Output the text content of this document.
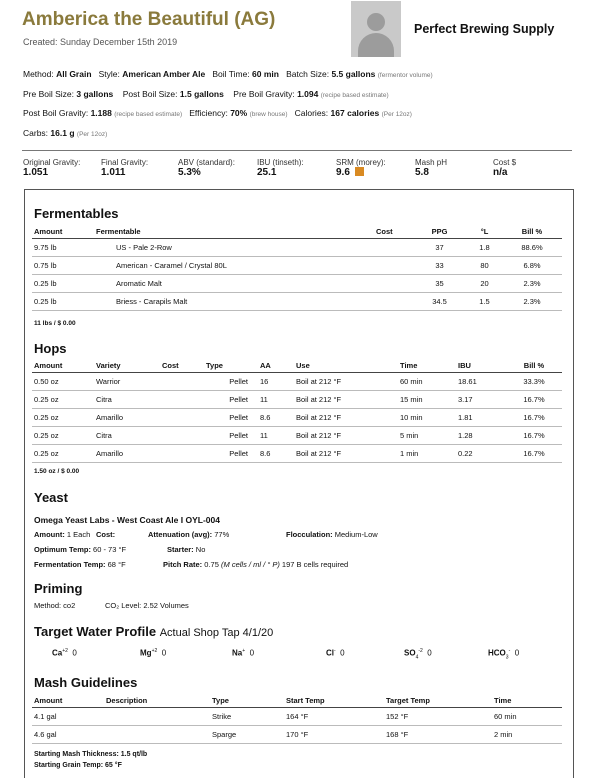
Amberica the Beautiful (AG)
Created: Sunday December 15th 2019
Perfect Brewing Supply
Method: All Grain Style: American Amber Ale Boil Time: 60 min Batch Size: 5.5 gallons (fermentor volume)
Pre Boil Size: 3 gallons Post Boil Size: 1.5 gallons Pre Boil Gravity: 1.094 (recipe based estimate)
Post Boil Gravity: 1.188 (recipe based estimate) Efficiency: 70% (brew house) Calories: 167 calories (Per 12oz)
Carbs: 16.1 g (Per 12oz)
Original Gravity:
1.051
Final Gravity:
1.011
ABV (standard):
5.3%
IBU (tinseth):
25.1
SRM (morey):
9.6
Mash pH
5.8
Cost $
n/a
Fermentables
Amount	Fermentable	Cost	PPG	°L	Bill %
9.75 lb	US - Pale 2-Row		37	1.8	88.6%
0.75 lb	American - Caramel / Crystal 80L		33	80	6.8%
0.25 lb	Aromatic Malt		35	20	2.3%
0.25 lb	Briess - Carapils Malt		34.5	1.5	2.3%
11 lbs / $ 0.00
Hops
Amount	Variety	Cost	Type	AA	Use	Time	IBU	Bill %
0.50 oz	Warrior		Pellet	16	Boil at 212 °F	60 min	18.61	33.3%
0.25 oz	Citra		Pellet	11	Boil at 212 °F	15 min	3.17	16.7%
0.25 oz	Amarillo		Pellet	8.6	Boil at 212 °F	10 min	1.81	16.7%
0.25 oz	Citra		Pellet	11	Boil at 212 °F	5 min	1.28	16.7%
0.25 oz	Amarillo		Pellet	8.6	Boil at 212 °F	1 min	0.22	16.7%
1.50 oz / $ 0.00
Yeast
Omega Yeast Labs - West Coast Ale I OYL-004
Amount: 1 Each Cost:	Attenuation (avg): 77%	Flocculation: Medium-Low
Optimum Temp: 60 - 73 °F	Starter: No
Fermentation Temp: 68 °F	Pitch Rate: 0.75 (M cells / ml / ° P) 197 B cells required
Priming
Method: co2	CO₂ Level: 2.52 Volumes
Target Water Profile Actual Shop Tap 4/1/20
$Ca^{+2}$ 0	$Mg^{+2}$ 0	Na+ 0	Cl- 0	$SO_4^{-2}$ 0	$HCO_3^-$ 0
Mash Guidelines
Amount	Description	Type	Start Temp	Target Temp	Time
4.1 gal		Strike	164 °F	152 °F	60 min
4.6 gal		Sparge	170 °F	168 °F	2 min
Starting Mash Thickness: 1.5 qt/lb
Starting Grain Temp: 65 °F
